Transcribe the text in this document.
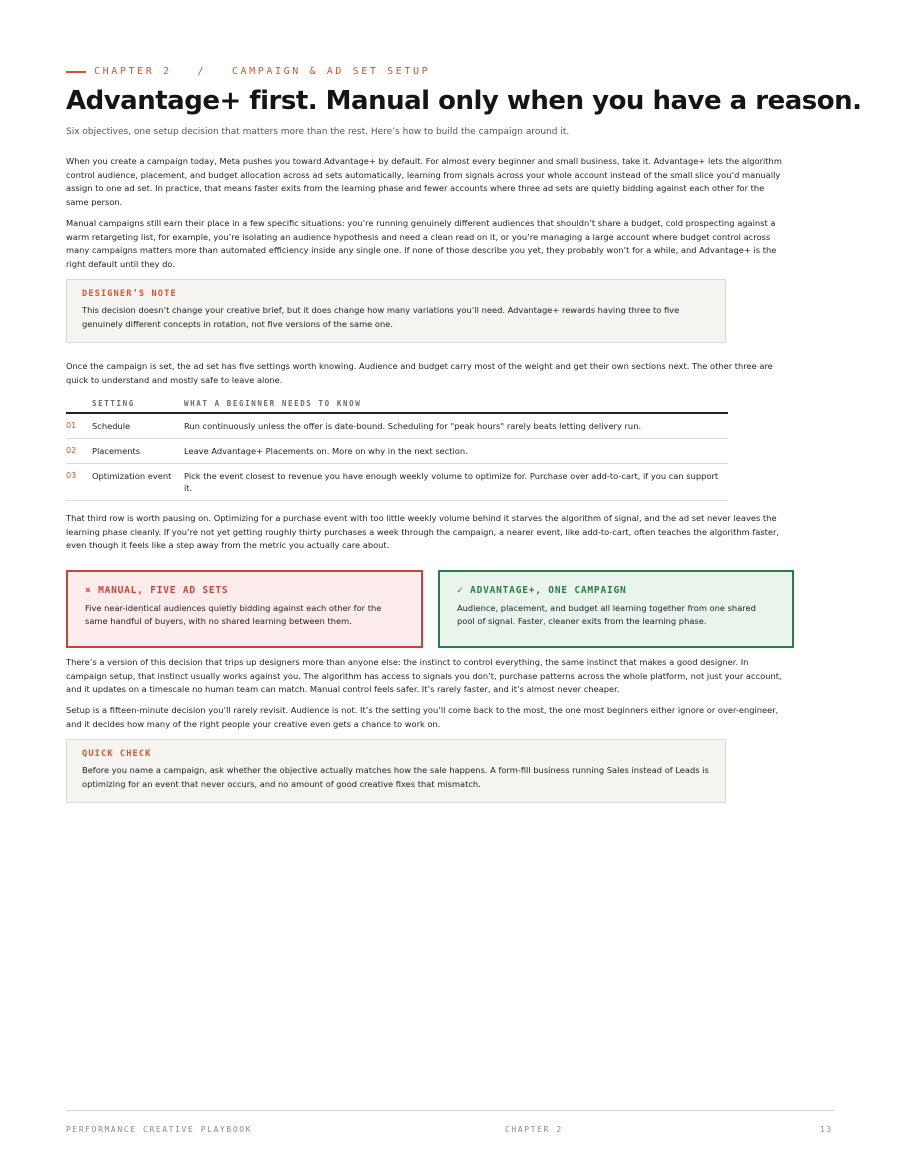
CHAPTER 2   /   CAMPAIGN & AD SET SETUP
Advantage+ first. Manual only when you have a reason.
Six objectives, one setup decision that matters more than the rest. Here’s how to build the campaign around it.

When you create a campaign today, Meta pushes you toward Advantage+ by default. For almost every beginner and small business, take it. Advantage+ lets the algorithm control audience, placement, and budget allocation across ad sets automatically, learning from signals across your whole account instead of the small slice you’d manually assign to one ad set. In practice, that means faster exits from the learning phase and fewer accounts where three ad sets are quietly bidding against each other for the same person.

Manual campaigns still earn their place in a few specific situations: you’re running genuinely different audiences that shouldn’t share a budget, cold prospecting against a warm retargeting list, for example, you’re isolating an audience hypothesis and need a clean read on it, or you’re managing a large account where budget control across many campaigns matters more than automated efficiency inside any single one. If none of those describe you yet, they probably won’t for a while, and Advantage+ is the right default until they do.

DESIGNER’S NOTE
This decision doesn’t change your creative brief, but it does change how many variations you’ll need. Advantage+ rewards having three to five genuinely different concepts in rotation, not five versions of the same one.

Once the campaign is set, the ad set has five settings worth knowing. Audience and budget carry most of the weight and get their own sections next. The other three are quick to understand and mostly safe to leave alone.

	SETTING	WHAT A BEGINNER NEEDS TO KNOW
01	Schedule	Run continuously unless the offer is date-bound. Scheduling for "peak hours" rarely beats letting delivery run.
02	Placements	Leave Advantage+ Placements on. More on why in the next section.
03	Optimization event	Pick the event closest to revenue you have enough weekly volume to optimize for. Purchase over add-to-cart, if you can support it.

That third row is worth pausing on. Optimizing for a purchase event with too little weekly volume behind it starves the algorithm of signal, and the ad set never leaves the learning phase cleanly. If you’re not yet getting roughly thirty purchases a week through the campaign, a nearer event, like add-to-cart, often teaches the algorithm faster, even though it feels like a step away from the metric you actually care about.

× MANUAL, FIVE AD SETS
Five near-identical audiences quietly bidding against each other for the same handful of buyers, with no shared learning between them.
✓ ADVANTAGE+, ONE CAMPAIGN
Audience, placement, and budget all learning together from one shared pool of signal. Faster, cleaner exits from the learning phase.

There’s a version of this decision that trips up designers more than anyone else: the instinct to control everything, the same instinct that makes a good designer. In campaign setup, that instinct usually works against you. The algorithm has access to signals you don’t, purchase patterns across the whole platform, not just your account, and it updates on a timescale no human team can match. Manual control feels safer. It’s rarely faster, and it’s almost never cheaper.

Setup is a fifteen-minute decision you’ll rarely revisit. Audience is not. It’s the setting you’ll come back to the most, the one most beginners either ignore or over-engineer, and it decides how many of the right people your creative even gets a chance to work on.

QUICK CHECK
Before you name a campaign, ask whether the objective actually matches how the sale happens. A form-fill business running Sales instead of Leads is optimizing for an event that never occurs, and no amount of good creative fixes that mismatch.
PERFORMANCE CREATIVE PLAYBOOK	CHAPTER 2	13
